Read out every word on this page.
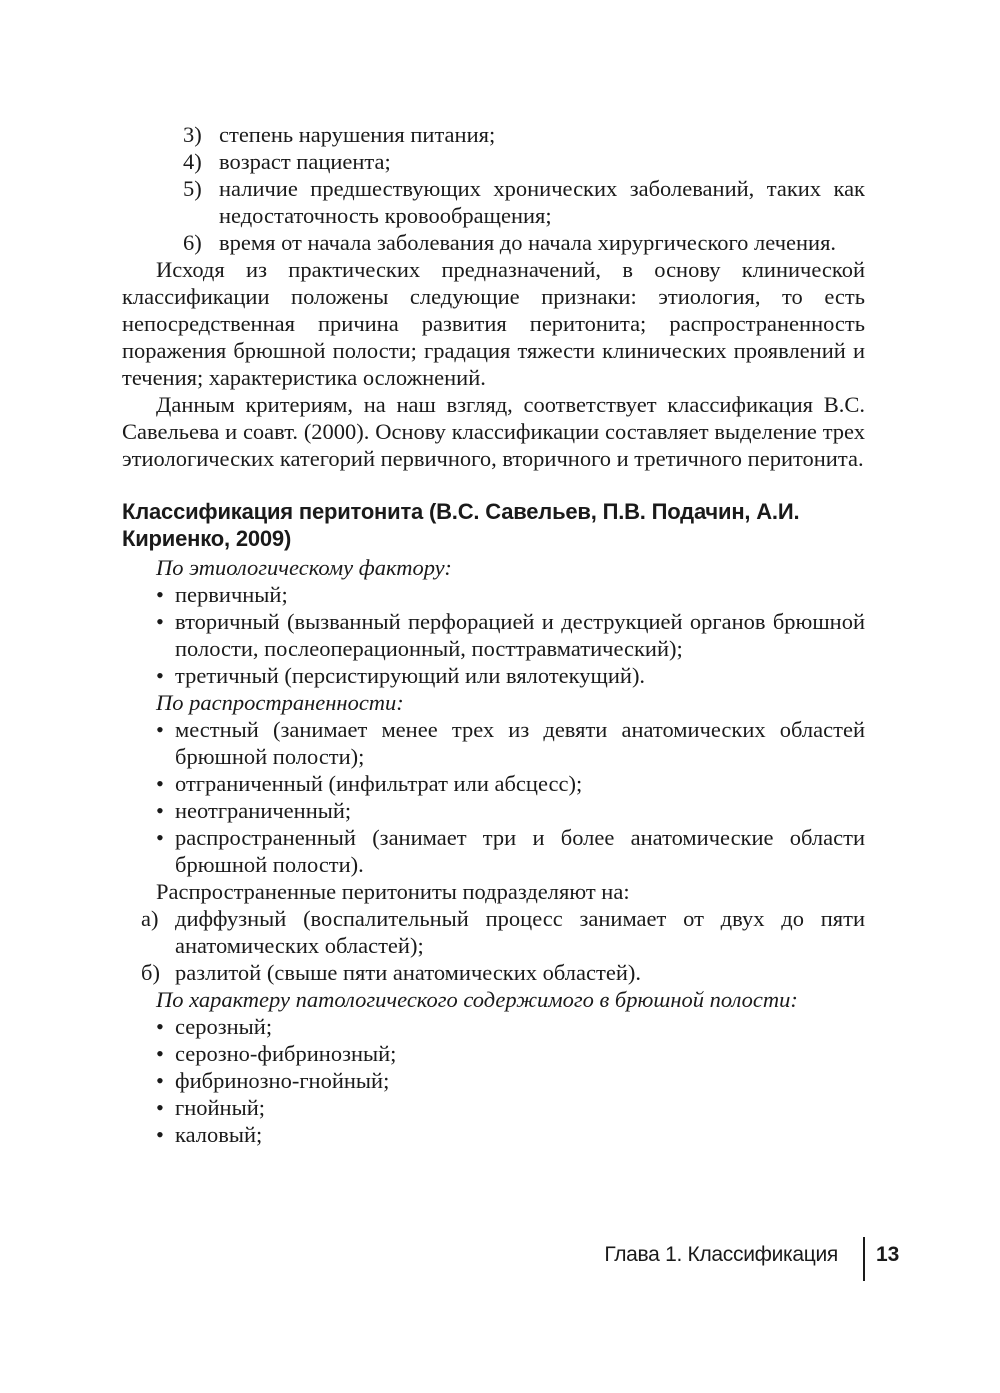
3) степень нарушения питания;
4) возраст пациента;
5) наличие предшествующих хронических заболеваний, таких как недостаточность кровообращения;
6) время от начала заболевания до начала хирургического лечения.
Исходя из практических предназначений, в основу клинической классификации положены следующие признаки: этиология, то есть непосредственная причина развития перитонита; распространенность поражения брюшной полости; градация тяжести клинических проявлений и течения; характеристика осложнений.
Данным критериям, на наш взгляд, соответствует классификация В.С. Савельева и соавт. (2000). Основу классификации составляет выделение трех этиологических категорий первичного, вторичного и третичного перитонита.
Классификация перитонита (В.С. Савельев, П.В. Подачин, А.И. Кириенко, 2009)
По этиологическому фактору:
• первичный;
• вторичный (вызванный перфорацией и деструкцией органов брюшной полости, послеоперационный, посттравматический);
• третичный (персистирующий или вялотекущий).
По распространенности:
• местный (занимает менее трех из девяти анатомических областей брюшной полости);
• отграниченный (инфильтрат или абсцесс);
• неотграниченный;
• распространенный (занимает три и более анатомические области брюшной полости).
Распространенные перитониты подразделяют на:
а) диффузный (воспалительный процесс занимает от двух до пяти анатомических областей);
б) разлитой (свыше пяти анатомических областей).
По характеру патологического содержимого в брюшной полости:
• серозный;
• серозно-фибринозный;
• фибринозно-гнойный;
• гнойный;
• каловый;
Глава 1. Классификация 13
